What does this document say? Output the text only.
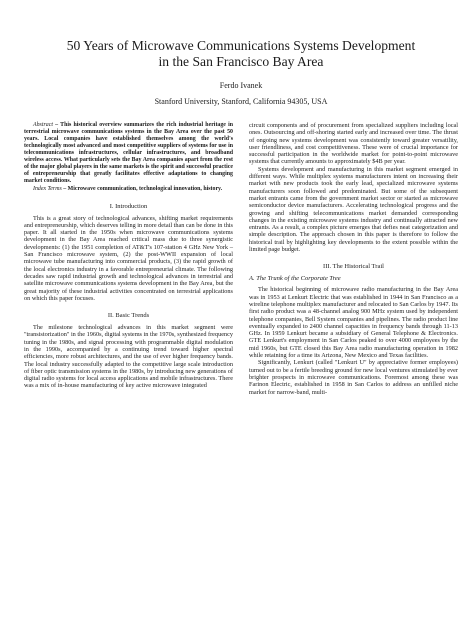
50 Years of Microwave Communications Systems Development
in the San Francisco Bay Area
Ferdo Ivanek
Stanford University, Stanford, California 94305, USA

Abstract – This historical overview summarizes the rich industrial heritage in terrestrial microwave communications systems in the Bay Area over the past 50 years. Local companies have established themselves among the world's technologically most advanced and most competitive suppliers of systems for use in telecommunications infrastructures, cellular infrastructures, and broadband wireless access. What particularly sets the Bay Area companies apart from the rest of the major global players in the same markets is the spirit and successful practice of entrepreneurship that greatly facilitates effective adaptations to changing market conditions.

Index Terms – Microwave communication, technological innovation, history.

I. Introduction

This is a great story of technological advances, shifting market requirements and entrepreneurship, which deserves telling in more detail than can be done in this paper. It all started in the 1950s when microwave communications systems development in the Bay Area reached critical mass due to three synergistic developments: (1) the 1951 completion of AT&T's 107-station 4 GHz New York – San Francisco microwave system, (2) the post-WWII expansion of local microwave tube manufacturing into commercial products, (3) the rapid growth of the local electronics industry in a favorable entrepreneurial climate. The following decades saw rapid industrial growth and technological advances in terrestrial and satellite microwave communications systems development in the Bay Area, but the great majority of these industrial activities concentrated on terrestrial applications on which this paper focuses.

II. Basic Trends

The milestone technological advances in this market segment were "transistorization" in the 1960s, digital systems in the 1970s, synthesized frequency tuning in the 1980s, and signal processing with programmable digital modulation in the 1990s, accompanied by a continuing trend toward higher spectral efficiencies, more robust architectures, and the use of ever higher frequency bands. The local industry successfully adapted to the competitive large scale introduction of fiber optic transmission systems in the 1980s, by introducing new generations of digital radio systems for local access applications and mobile infrastructures. There was a mix of in-house manufacturing of key active microwave integrated

circuit components and of procurement from specialized suppliers including local ones. Outsourcing and off-shoring started early and increased over time. The thrust of ongoing new systems development was consistently toward greater versatility, user friendliness, and cost competitiveness. These were of crucial importance for successful participation in the worldwide market for point-to-point microwave systems that currently amounts to approximately $4B per year.

Systems development and manufacturing in this market segment emerged in different ways. While multiplex systems manufacturers intent on increasing their market with new products took the early lead, specialized microwave systems manufacturers soon followed and predominated. But some of the subsequent market entrants came from the government market sector or started as microwave semiconductor device manufacturers. Accelerating technological progress and the growing and shifting telecommunications market demanded corresponding changes in the existing microwave systems industry and continually attracted new entrants. As a result, a complex picture emerges that defies neat categorization and simple description. The approach chosen in this paper is therefore to follow the historical trail by highlighting key developments to the extent possible within the limited page budget.

III. The Historical Trail
A. The Trunk of the Corporate Tree

The historical beginning of microwave radio manufacturing in the Bay Area was in 1953 at Lenkurt Electric that was established in 1944 in San Francisco as a wireline telephone multiplex manufacturer and relocated to San Carlos by 1947. Its first radio product was a 48-channel analog 900 MHz system used by independent telephone companies, Bell System companies and pipelines. The radio product line eventually expanded to 2400 channel capacities in frequency bands through 11-13 GHz. In 1959 Lenkurt became a subsidiary of General Telephone & Electronics. GTE Lenkurt's employment in San Carlos peaked to over 4000 employees by the mid 1960s, but GTE closed this Bay Area radio manufacturing operation in 1982 while retaining for a time its Arizona, New Mexico and Texas facilities.

Significantly, Lenkurt (called "Lenkurt U" by appreciative former employees) turned out to be a fertile breeding ground for new local ventures stimulated by ever brighter prospects in microwave communications. Foremost among these was Farinon Electric, established in 1958 in San Carlos to address an unfilled niche market for narrow-band, multi-
